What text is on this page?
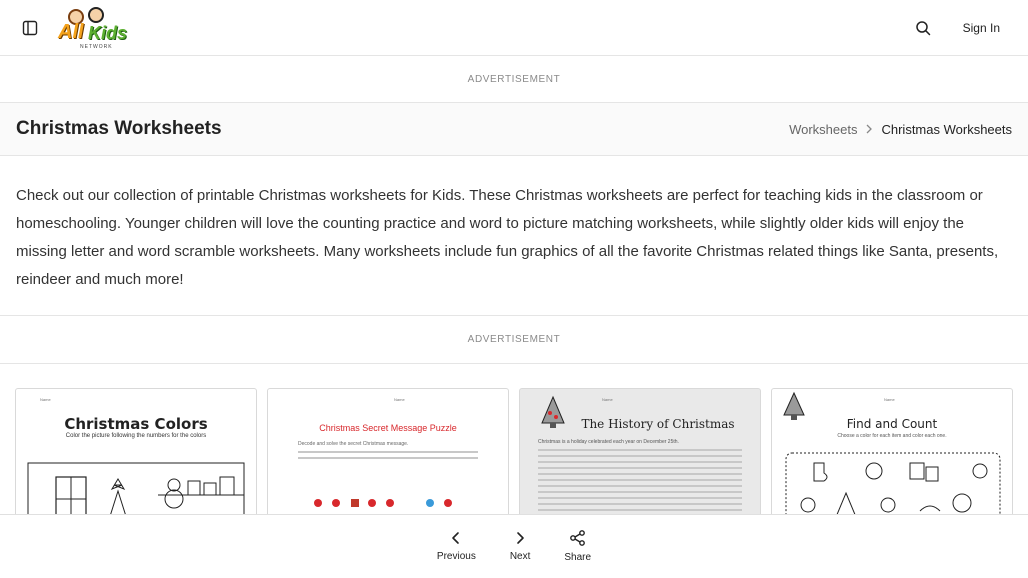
All Kids
NETWORK
Sign In
ADVERTISEMENT
Christmas Worksheets	Worksheets Christmas Worksheets

Check out our collection of printable Christmas worksheets for Kids. These Christmas worksheets are perfect for teaching kids in the classroom or homeschooling. Younger children will love the counting practice and word to picture matching worksheets, while slightly older kids will enjoy the missing letter and word scramble worksheets. Many worksheets include fun graphics of all the favorite Christmas related things like Santa, presents, reindeer and much more!

ADVERTISEMENT
Name
Christmas Colors
Color the picture following the numbers for the colors
Name
Christmas Secret Message Puzzle
Decode and solve the secret Christmas message.
Name
The History of Christmas
Christmas is a holiday celebrated each year on December 25th.
Name
Find and Count
Choose a color for each item and color each one.
Previous	Next	Share
